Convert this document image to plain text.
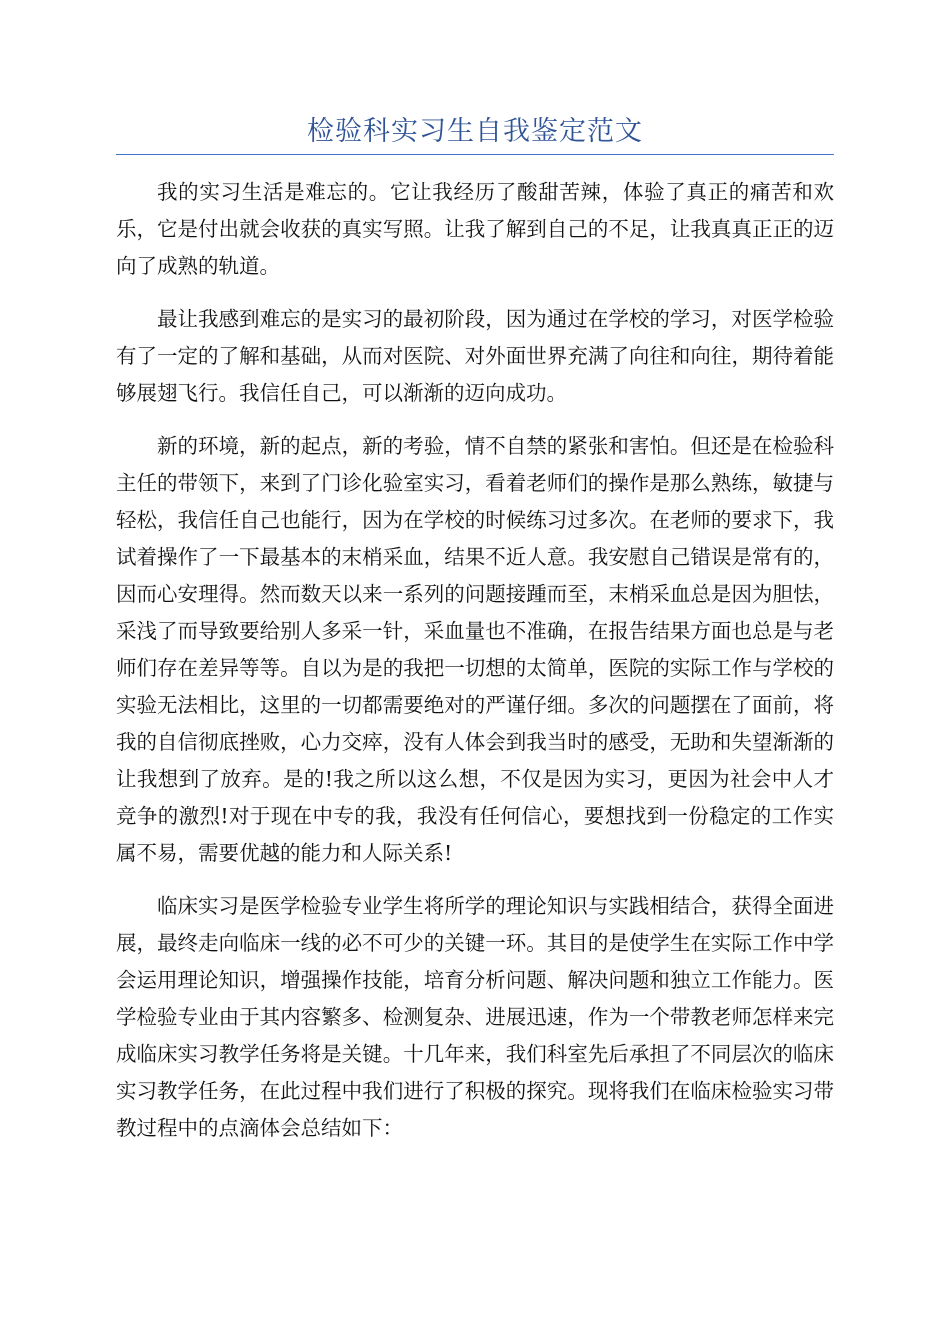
检验科实习生自我鉴定范文

我的实习生活是难忘的。它让我经历了酸甜苦辣，体验了真正的痛苦和欢乐，它是付出就会收获的真实写照。让我了解到自己的不足，让我真真正正的迈向了成熟的轨道。

最让我感到难忘的是实习的最初阶段，因为通过在学校的学习，对医学检验有了一定的了解和基础，从而对医院、对外面世界充满了向往和向往，期待着能够展翅飞行。我信任自己，可以渐渐的迈向成功。

新的环境，新的起点，新的考验，情不自禁的紧张和害怕。但还是在检验科主任的带领下，来到了门诊化验室实习，看着老师们的操作是那么熟练，敏捷与轻松，我信任自己也能行，因为在学校的时候练习过多次。在老师的要求下，我试着操作了一下最基本的末梢采血，结果不近人意。我安慰自己错误是常有的，因而心安理得。然而数天以来一系列的问题接踵而至，末梢采血总是因为胆怯，采浅了而导致要给别人多采一针，采血量也不准确，在报告结果方面也总是与老师们存在差异等等。自以为是的我把一切想的太简单，医院的实际工作与学校的实验无法相比，这里的一切都需要绝对的严谨仔细。多次的问题摆在了面前，将我的自信彻底挫败，心力交瘁，没有人体会到我当时的感受，无助和失望渐渐的让我想到了放弃。是的!我之所以这么想，不仅是因为实习，更因为社会中人才竞争的激烈!对于现在中专的我，我没有任何信心，要想找到一份稳定的工作实属不易，需要优越的能力和人际关系!

临床实习是医学检验专业学生将所学的理论知识与实践相结合，获得全面进展，最终走向临床一线的必不可少的关键一环。其目的是使学生在实际工作中学会运用理论知识，增强操作技能，培育分析问题、解决问题和独立工作能力。医学检验专业由于其内容繁多、检测复杂、进展迅速，作为一个带教老师怎样来完成临床实习教学任务将是关键。十几年来，我们科室先后承担了不同层次的临床实习教学任务，在此过程中我们进行了积极的探究。现将我们在临床检验实习带教过程中的点滴体会总结如下：
